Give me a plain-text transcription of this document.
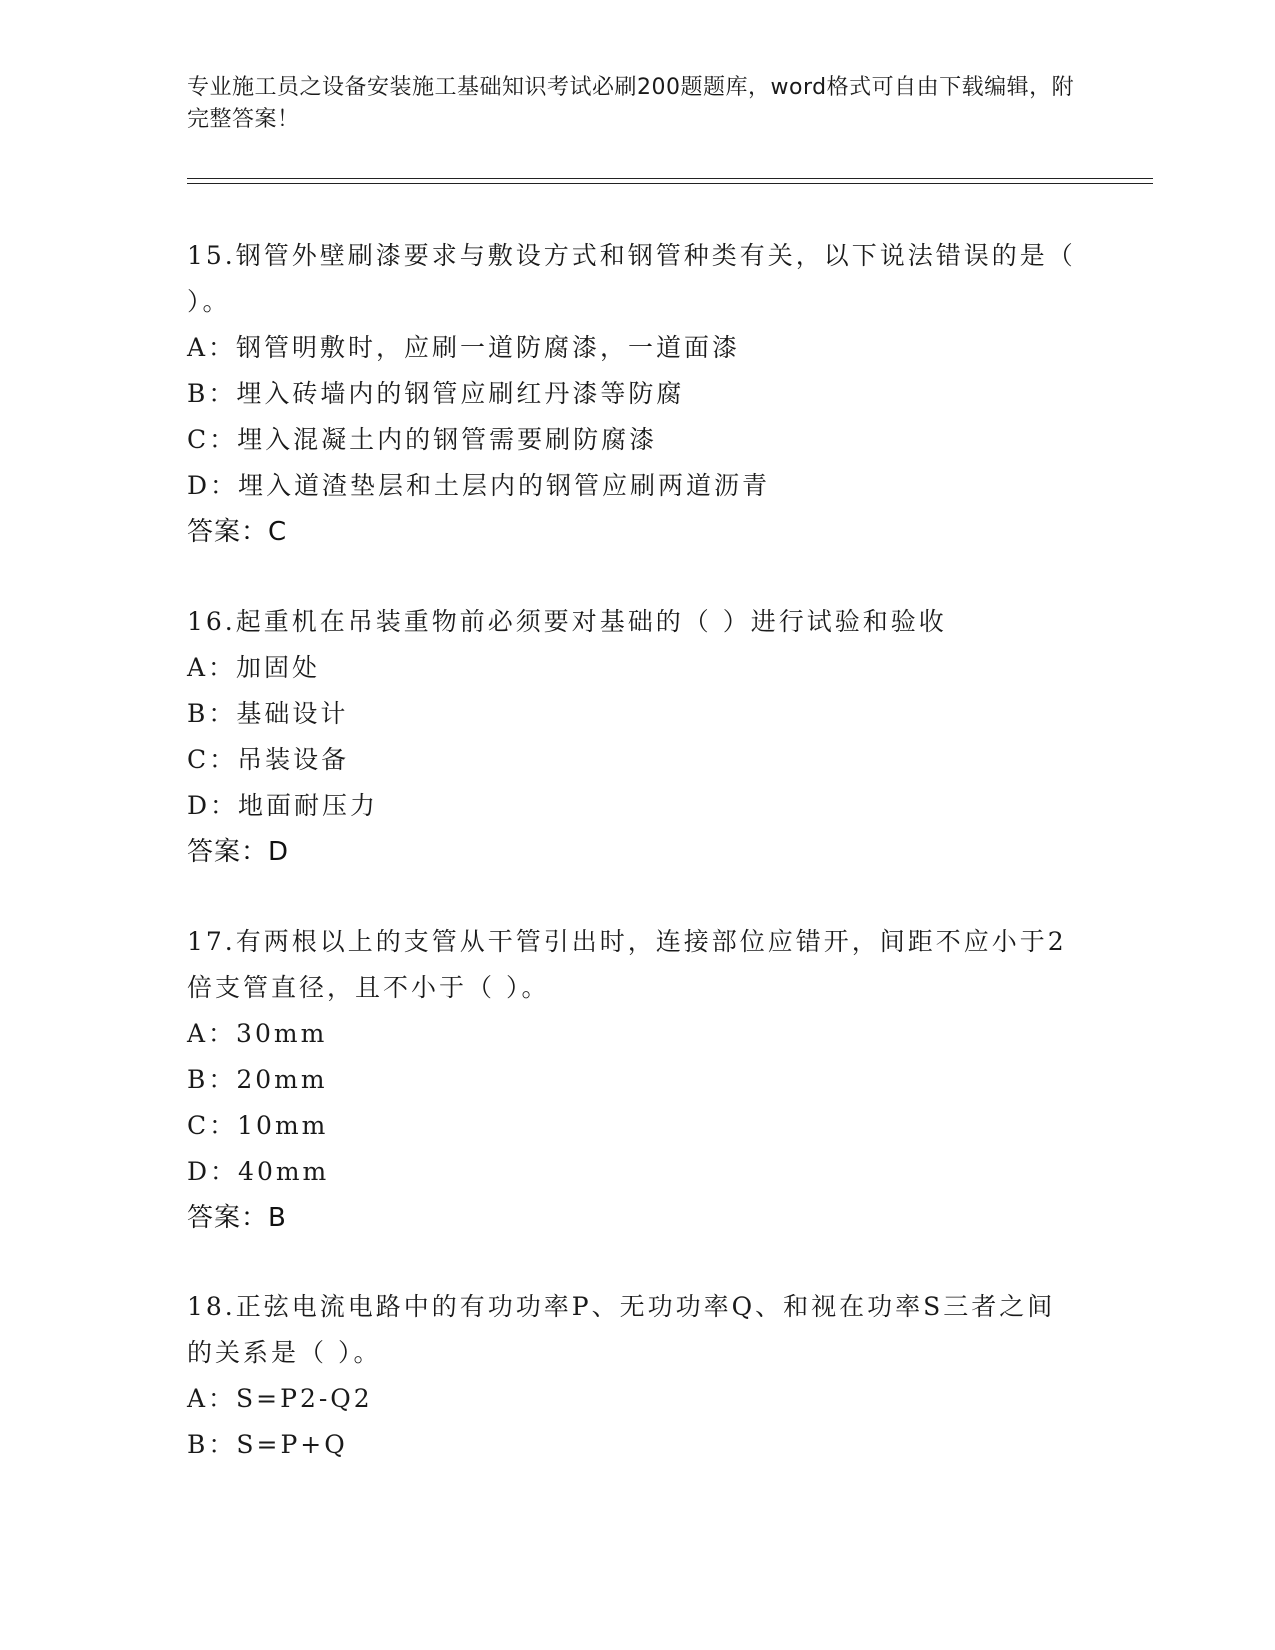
专业施工员之设备安装施工基础知识考试必刷200题题库，word格式可自由下载编辑，附完整答案！
15.钢管外壁刷漆要求与敷设方式和钢管种类有关，以下说法错误的是（ ）。
A：钢管明敷时，应刷一道防腐漆，一道面漆
B：埋入砖墙内的钢管应刷红丹漆等防腐
C：埋入混凝土内的钢管需要刷防腐漆
D：埋入道渣垫层和土层内的钢管应刷两道沥青
答案：C
16.起重机在吊装重物前必须要对基础的（ ）进行试验和验收
A：加固处
B：基础设计
C：吊装设备
D：地面耐压力
答案：D
17.有两根以上的支管从干管引出时，连接部位应错开，间距不应小于2倍支管直径，且不小于（ ）。
A：30mm
B：20mm
C：10mm
D：40mm
答案：B
18.正弦电流电路中的有功功率P、无功功率Q、和视在功率S三者之间的关系是（ ）。
A：S=P2-Q2
B：S=P+Q
